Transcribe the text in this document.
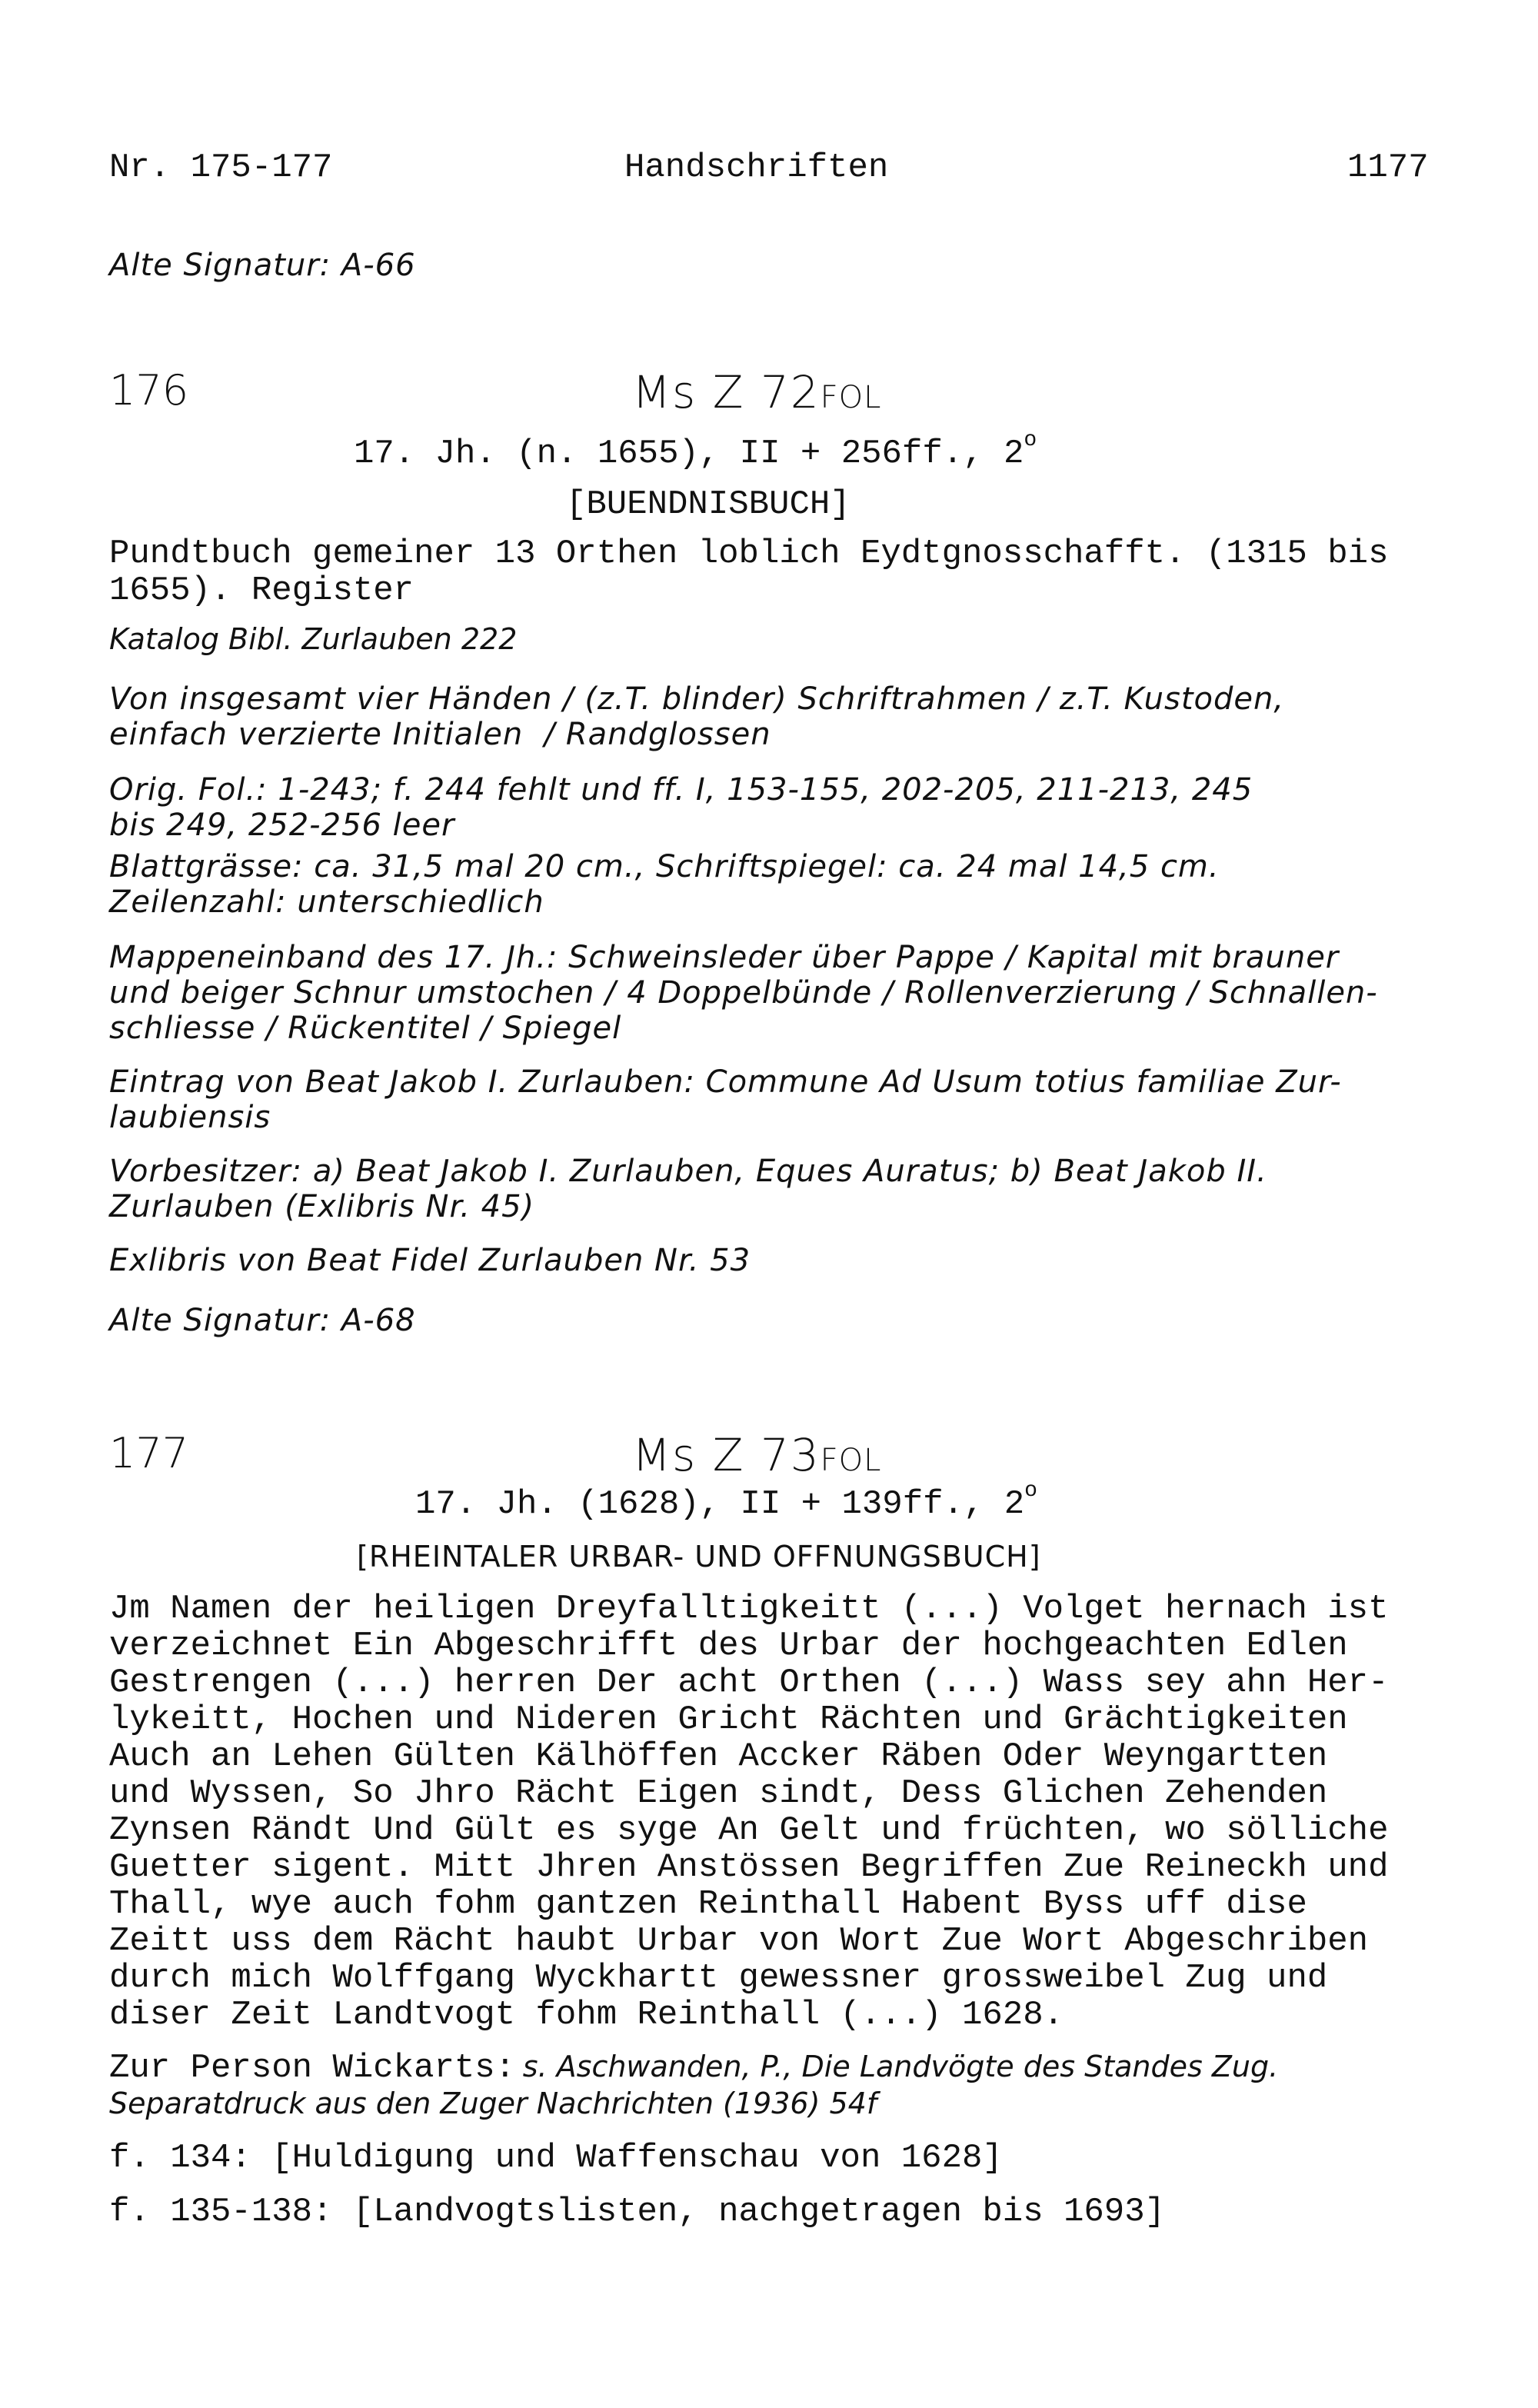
Nr. 175-177	Handschriften	1177
Alte Signatur: A-66
176	Ms Z 72FOL
17. Jh. (n. 1655), II + 256ff., 2$^o$
[BUENDNISBUCH]
Pundtbuch gemeiner 13 Orthen loblich Eydtgnosschafft. (1315 bis
1655). Register
Katalog Bibl. Zurlauben 222
Von insgesamt vier Händen / (z.T. blinder) Schriftrahmen / z.T. Kustoden,
einfach verzierte Initialen  / Randglossen
Orig. Fol.: 1-243; f. 244 fehlt und ff. I, 153-155, 202-205, 211-213, 245
bis 249, 252-256 leer
Blattgrässe: ca. 31,5 mal 20 cm., Schriftspiegel: ca. 24 mal 14,5 cm.
Zeilenzahl: unterschiedlich
Mappeneinband des 17. Jh.: Schweinsleder über Pappe / Kapital mit brauner
und beiger Schnur umstochen / 4 Doppelbünde / Rollenverzierung / Schnallen-
schliesse / Rückentitel / Spiegel
Eintrag von Beat Jakob I. Zurlauben: Commune Ad Usum totius familiae Zur-
laubiensis
Vorbesitzer: a) Beat Jakob I. Zurlauben, Eques Auratus; b) Beat Jakob II.
Zurlauben (Exlibris Nr. 45)
Exlibris von Beat Fidel Zurlauben Nr. 53
Alte Signatur: A-68
177	Ms Z 73FOL
17. Jh. (1628), II + 139ff., 2$^o$
[RHEINTALER URBAR- UND OFFNUNGSBUCH]
Jm Namen der heiligen Dreyfalltigkeitt (...) Volget hernach ist
verzeichnet Ein Abgeschrifft des Urbar der hochgeachten Edlen
Gestrengen (...) herren Der acht Orthen (...) Wass sey ahn Her-
lykeitt, Hochen und Nideren Gricht Rächten und Grächtigkeiten
Auch an Lehen Gülten Kälhöffen Accker Räben Oder Weyngartten
und Wyssen, So Jhro Rächt Eigen sindt, Dess Glichen Zehenden
Zynsen Rändt Und Gült es syge An Gelt und früchten, wo sölliche
Guetter sigent. Mitt Jhren Anstössen Begriffen Zue Reineckh und
Thall, wye auch fohm gantzen Reinthall Habent Byss uff dise
Zeitt uss dem Rächt haubt Urbar von Wort Zue Wort Abgeschriben
durch mich Wolffgang Wyckhartt gewessner grossweibel Zug und
diser Zeit Landtvogt fohm Reinthall (...) 1628.
Zur Person Wickarts: s. Aschwanden, P., Die Landvögte des Standes Zug.
Separatdruck aus den Zuger Nachrichten (1936) 54f
f. 134: [Huldigung und Waffenschau von 1628]
f. 135-138: [Landvogtslisten, nachgetragen bis 1693]
